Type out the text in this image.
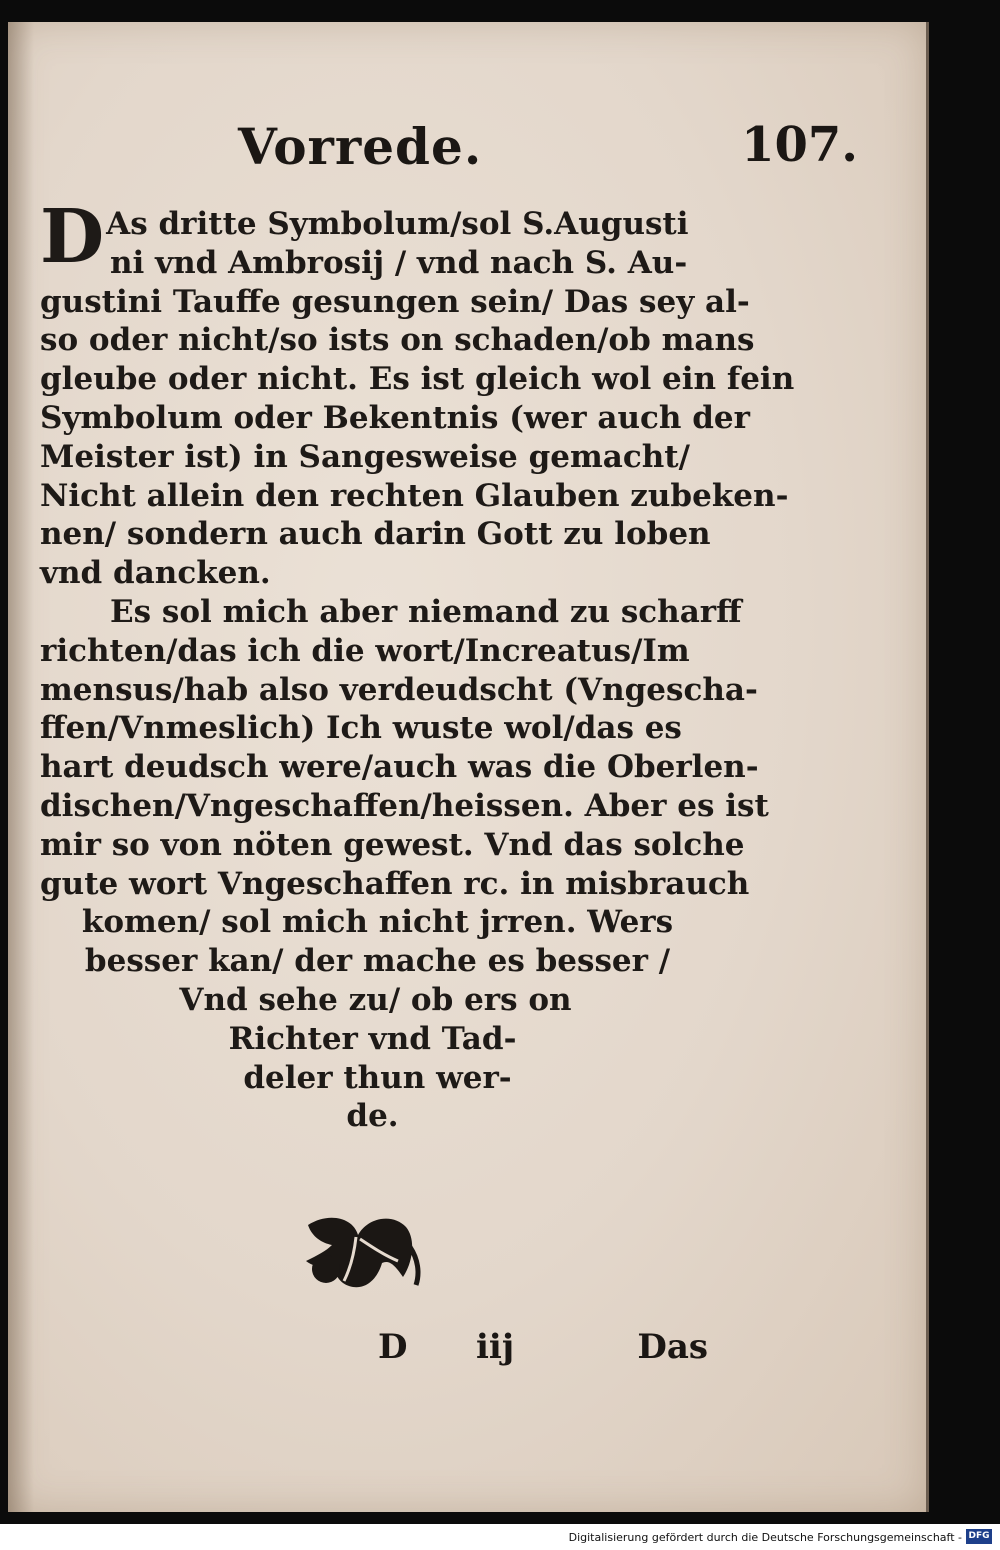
Vorrede.	107.
D As dritte Symbolum/sol S.Augusti
ni vnd Ambrosij / vnd nach S. Au-
gustini Tauffe gesungen sein/ Das sey al-
so oder nicht/so ists on schaden/ob mans
gleube oder nicht. Es ist gleich wol ein fein
Symbolum oder Bekentnis (wer auch der
Meister ist) in Sangesweise gemacht/
Nicht allein den rechten Glauben zubeken-
nen/ sondern auch darin Gott zu loben
vnd dancken.
Es sol mich aber niemand zu scharff
richten/das ich die wort/Increatus/Im
mensus/hab also verdeudscht (Vngescha-
ffen/Vnmeslich) Ich wuste wol/das es
hart deudsch were/auch was die Oberlen-
dischen/Vngeschaffen/heissen. Aber es ist
mir so von nöten gewest. Vnd das solche
gute wort Vngeschaffen rc. in misbrauch
komen/ sol mich nicht jrren. Wers
besser kan/ der mache es besser /
Vnd sehe zu/ ob ers on
Richter vnd Tad-
deler thun wer-
de.
D iij	Das
Digitalisierung gefördert durch die Deutsche Forschungsgemeinschaft - DFG
